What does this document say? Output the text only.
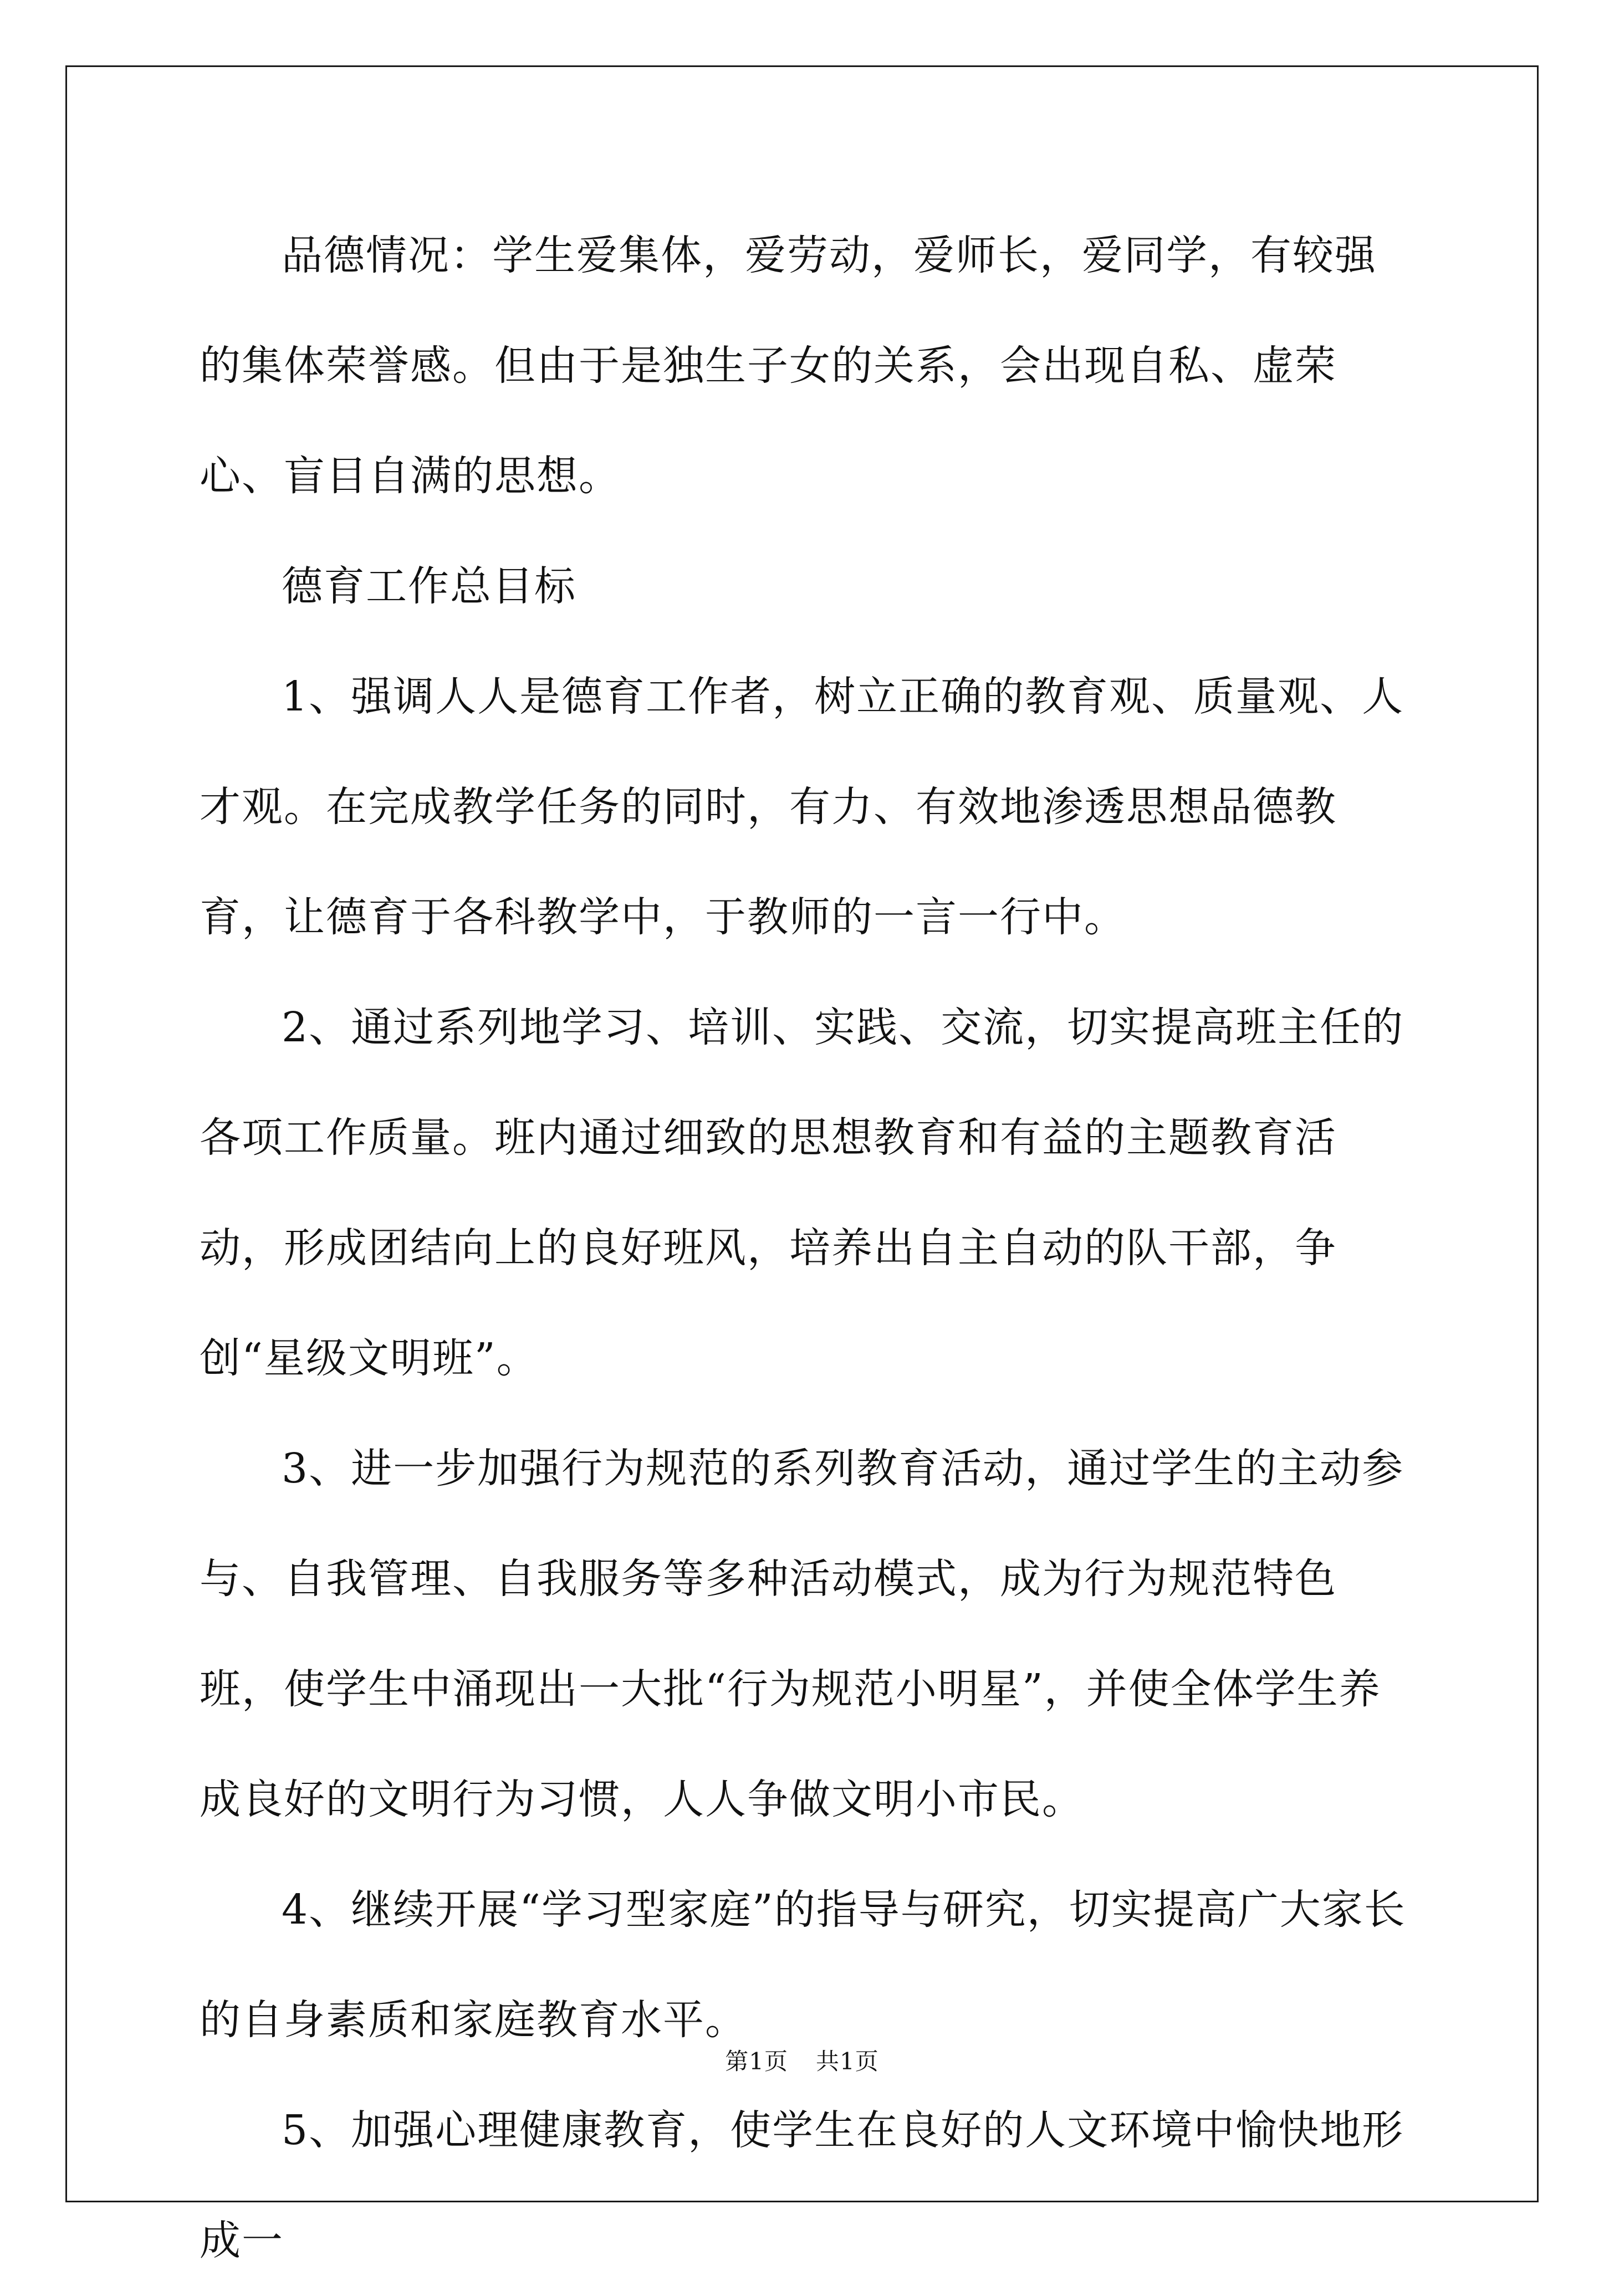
品德情况：学生爱集体，爱劳动，爱师长，爱同学，有较强的集体荣誉感。但由于是独生子女的关系，会出现自私、虚荣心、盲目自满的思想。

德育工作总目标

1、强调人人是德育工作者，树立正确的教育观、质量观、人才观。在完成教学任务的同时，有力、有效地渗透思想品德教育，让德育于各科教学中，于教师的一言一行中。

2、通过系列地学习、培训、实践、交流，切实提高班主任的各项工作质量。班内通过细致的思想教育和有益的主题教育活动，形成团结向上的良好班风，培养出自主自动的队干部，争创“星级文明班”。

3、进一步加强行为规范的系列教育活动，通过学生的主动参与、自我管理、自我服务等多种活动模式，成为行为规范特色班，使学生中涌现出一大批“行为规范小明星”，并使全体学生养成良好的文明行为习惯，人人争做文明小市民。

4、继续开展“学习型家庭”的指导与研究，切实提高广大家长的自身素质和家庭教育水平。

5、加强心理健康教育，使学生在良好的人文环境中愉快地形成一

第1页 共1页
